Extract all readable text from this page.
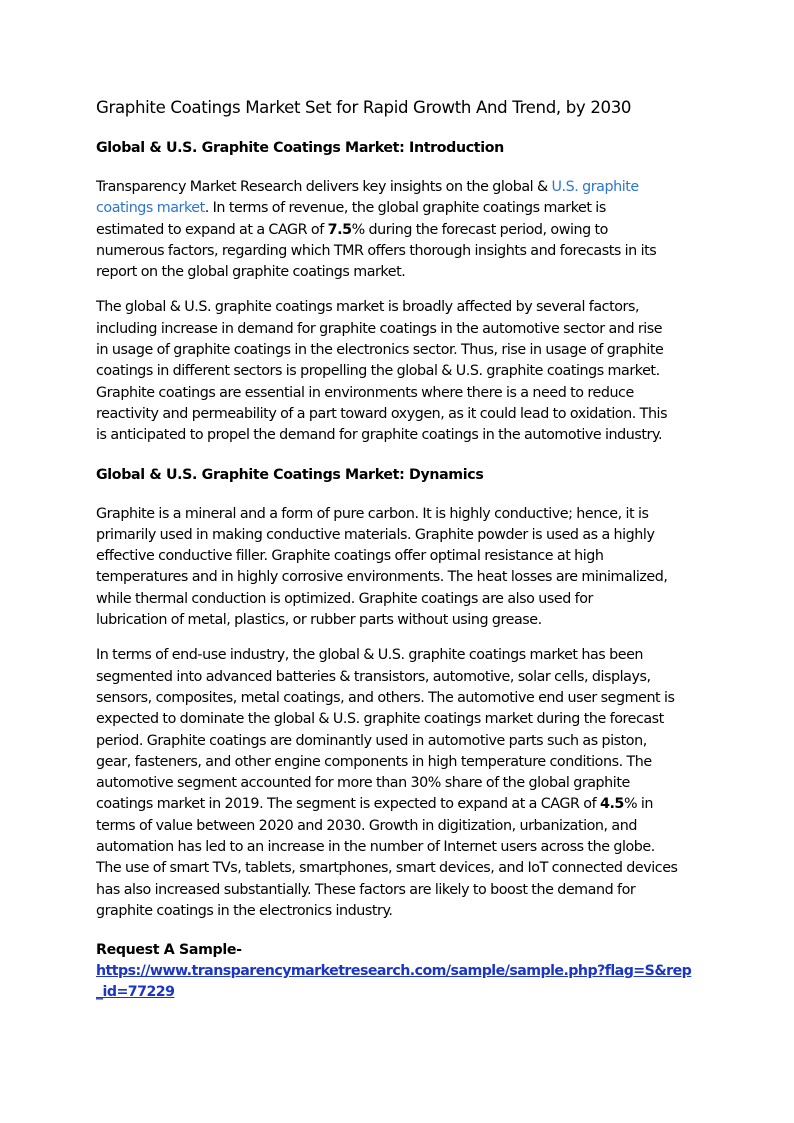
Graphite Coatings Market Set for Rapid Growth And Trend, by 2030
Global & U.S. Graphite Coatings Market: Introduction
Transparency Market Research delivers key insights on the global & U.S. graphite
coatings market. In terms of revenue, the global graphite coatings market is
estimated to expand at a CAGR of 7.5% during the forecast period, owing to
numerous factors, regarding which TMR offers thorough insights and forecasts in its
report on the global graphite coatings market.
The global & U.S. graphite coatings market is broadly affected by several factors,
including increase in demand for graphite coatings in the automotive sector and rise
in usage of graphite coatings in the electronics sector. Thus, rise in usage of graphite
coatings in different sectors is propelling the global & U.S. graphite coatings market.
Graphite coatings are essential in environments where there is a need to reduce
reactivity and permeability of a part toward oxygen, as it could lead to oxidation. This
is anticipated to propel the demand for graphite coatings in the automotive industry.
Global & U.S. Graphite Coatings Market: Dynamics
Graphite is a mineral and a form of pure carbon. It is highly conductive; hence, it is
primarily used in making conductive materials. Graphite powder is used as a highly
effective conductive filler. Graphite coatings offer optimal resistance at high
temperatures and in highly corrosive environments. The heat losses are minimalized,
while thermal conduction is optimized. Graphite coatings are also used for
lubrication of metal, plastics, or rubber parts without using grease.
In terms of end-use industry, the global & U.S. graphite coatings market has been
segmented into advanced batteries & transistors, automotive, solar cells, displays,
sensors, composites, metal coatings, and others. The automotive end user segment is
expected to dominate the global & U.S. graphite coatings market during the forecast
period. Graphite coatings are dominantly used in automotive parts such as piston,
gear, fasteners, and other engine components in high temperature conditions. The
automotive segment accounted for more than 30% share of the global graphite
coatings market in 2019. The segment is expected to expand at a CAGR of 4.5% in
terms of value between 2020 and 2030. Growth in digitization, urbanization, and
automation has led to an increase in the number of Internet users across the globe.
The use of smart TVs, tablets, smartphones, smart devices, and IoT connected devices
has also increased substantially. These factors are likely to boost the demand for
graphite coatings in the electronics industry.
Request A Sample-
https://www.transparencymarketresearch.com/sample/sample.php?flag=S&rep
_id=77229
